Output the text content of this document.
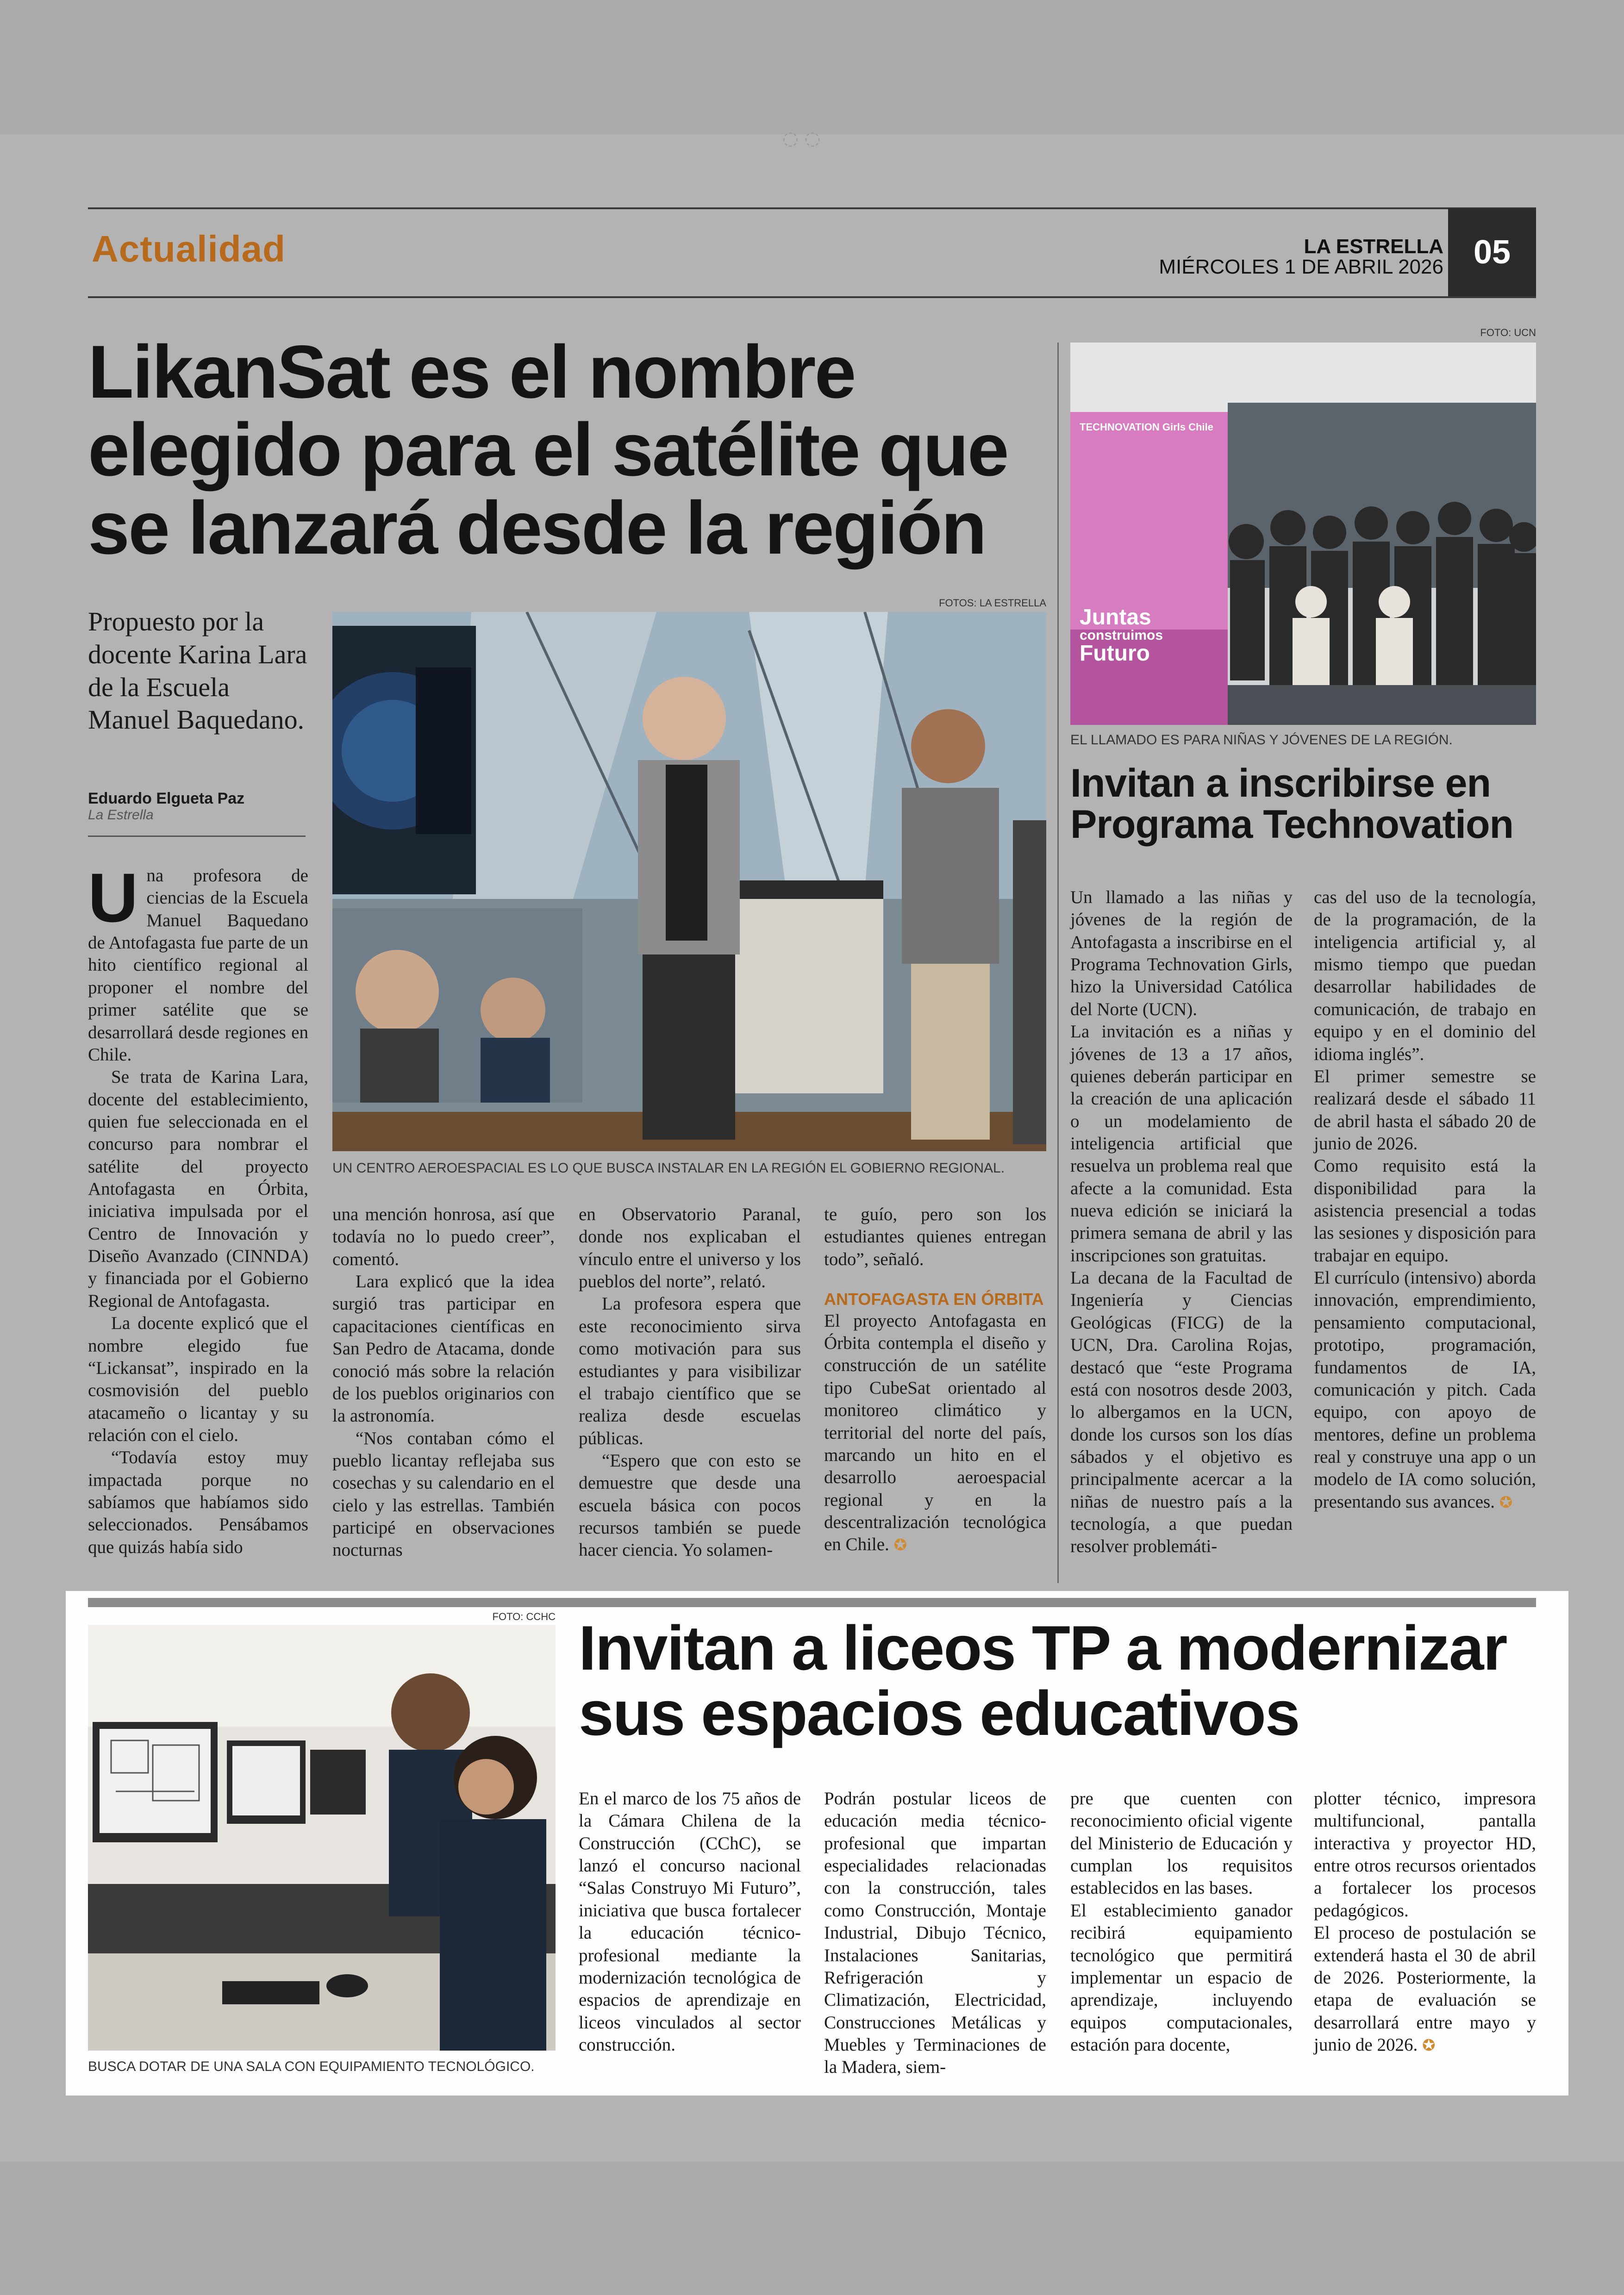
◌ ◌
Actualidad	LA ESTRELLA
MIÉRCOLES 1 DE ABRIL 2026 05
LikanSat es el nombre elegido para el satélite que se lanzará desde la región
Propuesto por la docente Karina Lara de la Escuela Manuel Baquedano.
Eduardo Elgueta Paz
La Estrella
FOTOS: LA ESTRELLA
UN CENTRO AEROESPACIAL ES LO QUE BUSCA INSTALAR EN LA REGIÓN EL GOBIERNO REGIONAL.
U na profesora de ciencias de la Escuela Manuel Baquedano de Antofagasta fue parte de un hito científico regional al proponer el nombre del primer satélite que se desarrollará desde regiones en Chile.

Se trata de Karina Lara, docente del establecimiento, quien fue seleccionada en el concurso para nombrar el satélite del proyecto Antofagasta en Órbita, iniciativa impulsada por el Centro de Innovación y Diseño Avanzado (CINNDA) y financiada por el Gobierno Regional de Antofagasta.

La docente explicó que el nombre elegido fue “Lickansat”, inspirado en la cosmovisión del pueblo atacameño o licantay y su relación con el cielo.

“Todavía estoy muy impactada porque no sabíamos que habíamos sido seleccionados. Pensábamos que quizás había sido

una mención honrosa, así que todavía no lo puedo creer”, comentó.

Lara explicó que la idea surgió tras participar en capacitaciones científicas en San Pedro de Atacama, donde conoció más sobre la relación de los pueblos originarios con la astronomía.

“Nos contaban cómo el pueblo licantay reflejaba sus cosechas y su calendario en el cielo y las estrellas. También participé en observaciones nocturnas

en Observatorio Paranal, donde nos explicaban el vínculo entre el universo y los pueblos del norte”, relató.

La profesora espera que este reconocimiento sirva como motivación para sus estudiantes y para visibilizar el trabajo científico que se realiza desde escuelas públicas.

“Espero que con esto se demuestre que desde una escuela básica con pocos recursos también se puede hacer ciencia. Yo solamen-

te guío, pero son los estudiantes quienes entregan todo”, señaló.

ANTOFAGASTA EN ÓRBITA

El proyecto Antofagasta en Órbita contempla el diseño y construcción de un satélite tipo CubeSat orientado al monitoreo climático y territorial del norte del país, marcando un hito en el desarrollo aeroespacial regional y en la descentralización tecnológica en Chile. ✪

FOTO: UCN
TECHNOVATION Girls Chile
Juntas
construimos
Futuro
EL LLAMADO ES PARA NIÑAS Y JÓVENES DE LA REGIÓN.
Invitan a inscribirse en Programa Technovation

Un llamado a las niñas y jóvenes de la región de Antofagasta a inscribirse en el Programa Technovation Girls, hizo la Universidad Católica del Norte (UCN).

La invitación es a niñas y jóvenes de 13 a 17 años, quienes deberán participar en la creación de una aplicación o un modelamiento de inteligencia artificial que resuelva un problema real que afecte a la comunidad. Esta nueva edición se iniciará la primera semana de abril y las inscripciones son gratuitas.

La decana de la Facultad de Ingeniería y Ciencias Geológicas (FICG) de la UCN, Dra. Carolina Rojas, destacó que “este Programa está con nosotros desde 2003, lo albergamos en la UCN, donde los cursos son los días sábados y el objetivo es principalmente acercar a la niñas de nuestro país a la tecnología, a que puedan resolver problemáti-

cas del uso de la tecnología, de la programación, de la inteligencia artificial y, al mismo tiempo que puedan desarrollar habilidades de comunicación, de trabajo en equipo y en el dominio del idioma inglés”.

El primer semestre se realizará desde el sábado 11 de abril hasta el sábado 20 de junio de 2026.

Como requisito está la disponibilidad para la asistencia presencial a todas las sesiones y disposición para trabajar en equipo.

El currículo (intensivo) aborda innovación, emprendimiento, pensamiento computacional, prototipo, programación, fundamentos de IA, comunicación y pitch. Cada equipo, con apoyo de mentores, define un problema real y construye una app o un modelo de IA como solución, presentando sus avances. ✪

FOTO: CCHC
BUSCA DOTAR DE UNA SALA CON EQUIPAMIENTO TECNOLÓGICO.
Invitan a liceos TP a modernizar sus espacios educativos

En el marco de los 75 años de la Cámara Chilena de la Construcción (CChC), se lanzó el concurso nacional “Salas Construyo Mi Futuro”, iniciativa que busca fortalecer la educación técnico-profesional mediante la modernización tecnológica de espacios de aprendizaje en liceos vinculados al sector construcción.

Podrán postular liceos de educación media técnico-profesional que impartan especialidades relacionadas con la construcción, tales como Construcción, Montaje Industrial, Dibujo Técnico, Instalaciones Sanitarias, Refrigeración y Climatización, Electricidad, Construcciones Metálicas y Muebles y Terminaciones de la Madera, siem-

pre que cuenten con reconocimiento oficial vigente del Ministerio de Educación y cumplan los requisitos establecidos en las bases.

El establecimiento ganador recibirá equipamiento tecnológico que permitirá implementar un espacio de aprendizaje, incluyendo equipos computacionales, estación para docente,

plotter técnico, impresora multifuncional, pantalla interactiva y proyector HD, entre otros recursos orientados a fortalecer los procesos pedagógicos.

El proceso de postulación se extenderá hasta el 30 de abril de 2026. Posteriormente, la etapa de evaluación se desarrollará entre mayo y junio de 2026. ✪
